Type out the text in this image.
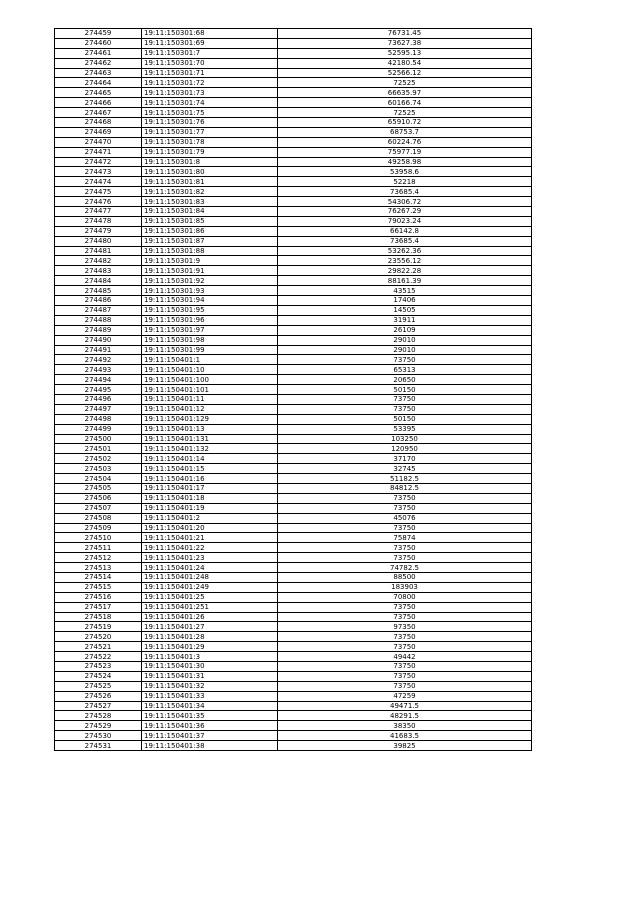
274459	19:11:150301:68	76731.45
274460	19:11:150301:69	73627.38
274461	19:11:150301:7	52595.13
274462	19:11:150301:70	42180.54
274463	19:11:150301:71	52566.12
274464	19:11:150301:72	72525
274465	19:11:150301:73	66635.97
274466	19:11:150301:74	60166.74
274467	19:11:150301:75	72525
274468	19:11:150301:76	65910.72
274469	19:11:150301:77	68753.7
274470	19:11:150301:78	60224.76
274471	19:11:150301:79	75977.19
274472	19:11:150301:8	49258.98
274473	19:11:150301:80	53958.6
274474	19:11:150301:81	52218
274475	19:11:150301:82	73685.4
274476	19:11:150301:83	54306.72
274477	19:11:150301:84	76267.29
274478	19:11:150301:85	79023.24
274479	19:11:150301:86	66142.8
274480	19:11:150301:87	73685.4
274481	19:11:150301:88	53262.36
274482	19:11:150301:9	23556.12
274483	19:11:150301:91	29822.28
274484	19:11:150301:92	88161.39
274485	19:11:150301:93	43515
274486	19:11:150301:94	17406
274487	19:11:150301:95	14505
274488	19:11:150301:96	31911
274489	19:11:150301:97	26109
274490	19:11:150301:98	29010
274491	19:11:150301:99	29010
274492	19:11:150401:1	73750
274493	19:11:150401:10	65313
274494	19:11:150401:100	20650
274495	19:11:150401:101	50150
274496	19:11:150401:11	73750
274497	19:11:150401:12	73750
274498	19:11:150401:129	50150
274499	19:11:150401:13	53395
274500	19:11:150401:131	103250
274501	19:11:150401:132	120950
274502	19:11:150401:14	37170
274503	19:11:150401:15	32745
274504	19:11:150401:16	51182.5
274505	19:11:150401:17	84812.5
274506	19:11:150401:18	73750
274507	19:11:150401:19	73750
274508	19:11:150401:2	45076
274509	19:11:150401:20	73750
274510	19:11:150401:21	75874
274511	19:11:150401:22	73750
274512	19:11:150401:23	73750
274513	19:11:150401:24	74782.5
274514	19:11:150401:248	88500
274515	19:11:150401:249	183903
274516	19:11:150401:25	70800
274517	19:11:150401:251	73750
274518	19:11:150401:26	73750
274519	19:11:150401:27	97350
274520	19:11:150401:28	73750
274521	19:11:150401:29	73750
274522	19:11:150401:3	49442
274523	19:11:150401:30	73750
274524	19:11:150401:31	73750
274525	19:11:150401:32	73750
274526	19:11:150401:33	47259
274527	19:11:150401:34	49471.5
274528	19:11:150401:35	48291.5
274529	19:11:150401:36	38350
274530	19:11:150401:37	41683.5
274531	19:11:150401:38	39825
